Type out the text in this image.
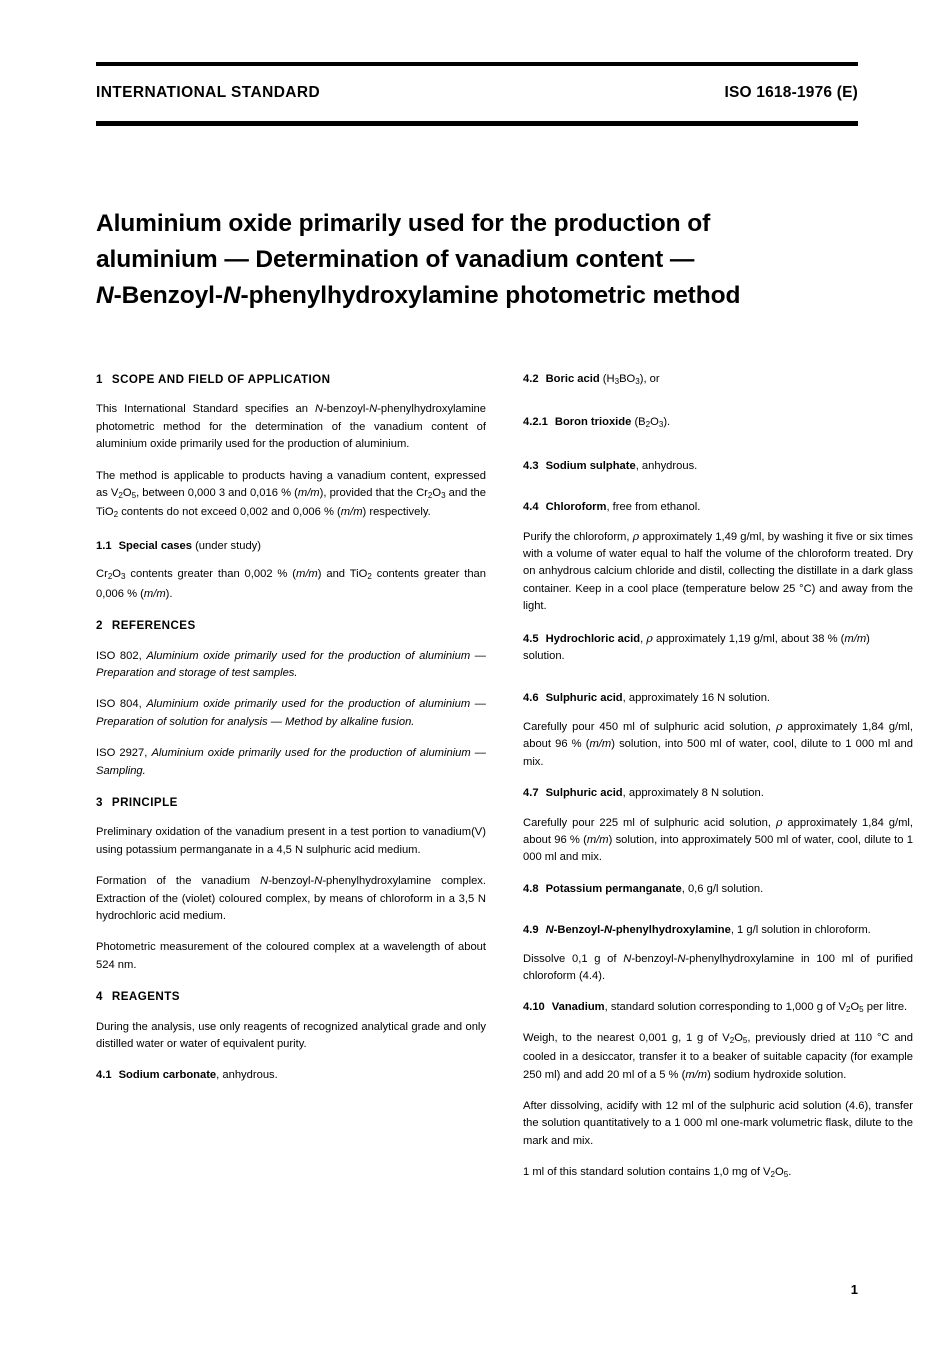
INTERNATIONAL STANDARD	ISO 1618-1976 (E)
Aluminium oxide primarily used for the production of
aluminium — Determination of vanadium content —
N-Benzoyl-N-phenylhydroxylamine photometric method
1 SCOPE AND FIELD OF APPLICATION

This International Standard specifies an N-benzoyl-N-phenylhydroxylamine photometric method for the determination of the vanadium content of aluminium oxide primarily used for the production of aluminium.

The method is applicable to products having a vanadium content, expressed as $V_2O_5$, between 0,000 3 and 0,016 % (m/m), provided that the $Cr_2O_3$ and the TiO$_2$ contents do not exceed 0,002 and 0,006 % (m/m) respectively.

1.1 Special cases (under study)

$Cr_2O_3$ contents greater than 0,002 % (m/m) and TiO$_2$ contents greater than 0,006 % (m/m).

2 REFERENCES

ISO 802, Aluminium oxide primarily used for the production of aluminium — Preparation and storage of test samples.

ISO 804, Aluminium oxide primarily used for the production of aluminium — Preparation of solution for analysis — Method by alkaline fusion.

ISO 2927, Aluminium oxide primarily used for the production of aluminium — Sampling.

3 PRINCIPLE

Preliminary oxidation of the vanadium present in a test portion to vanadium(V) using potassium permanganate in a 4,5 N sulphuric acid medium.

Formation of the vanadium N-benzoyl-N-phenylhydroxylamine complex. Extraction of the (violet) coloured complex, by means of chloroform in a 3,5 N hydrochloric acid medium.

Photometric measurement of the coloured complex at a wavelength of about 524 nm.

4 REAGENTS

During the analysis, use only reagents of recognized analytical grade and only distilled water or water of equivalent purity.

4.1 Sodium carbonate, anhydrous.

4.2 Boric acid $(H_3BO_3)$, or

4.2.1 Boron trioxide $(B_2O_3)$.

4.3 Sodium sulphate, anhydrous.

4.4 Chloroform, free from ethanol.

Purify the chloroform, ρ approximately 1,49 g/ml, by washing it five or six times with a volume of water equal to half the volume of the chloroform treated. Dry on anhydrous calcium chloride and distil, collecting the distillate in a dark glass container. Keep in a cool place (temperature below 25 °C) and away from the light.

4.5 Hydrochloric acid, ρ approximately 1,19 g/ml, about 38 % (m/m) solution.

4.6 Sulphuric acid, approximately 16 N solution.

Carefully pour 450 ml of sulphuric acid solution, ρ approximately 1,84 g/ml, about 96 % (m/m) solution, into 500 ml of water, cool, dilute to 1 000 ml and mix.

4.7 Sulphuric acid, approximately 8 N solution.

Carefully pour 225 ml of sulphuric acid solution, ρ approximately 1,84 g/ml, about 96 % (m/m) solution, into approximately 500 ml of water, cool, dilute to 1 000 ml and mix.

4.8 Potassium permanganate, 0,6 g/l solution.

4.9 N-Benzoyl-N-phenylhydroxylamine, 1 g/l solution in chloroform.

Dissolve 0,1 g of N-benzoyl-N-phenylhydroxylamine in 100 ml of purified chloroform (4.4).

4.10 Vanadium, standard solution corresponding to 1,000 g of $V_2O_5$ per litre.

Weigh, to the nearest 0,001 g, 1 g of $V_2O_5$, previously dried at 110 °C and cooled in a desiccator, transfer it to a beaker of suitable capacity (for example 250 ml) and add 20 ml of a 5 % (m/m) sodium hydroxide solution.

After dissolving, acidify with 12 ml of the sulphuric acid solution (4.6), transfer the solution quantitatively to a 1 000 ml one-mark volumetric flask, dilute to the mark and mix.

1 ml of this standard solution contains 1,0 mg of $V_2O_5$.

1
